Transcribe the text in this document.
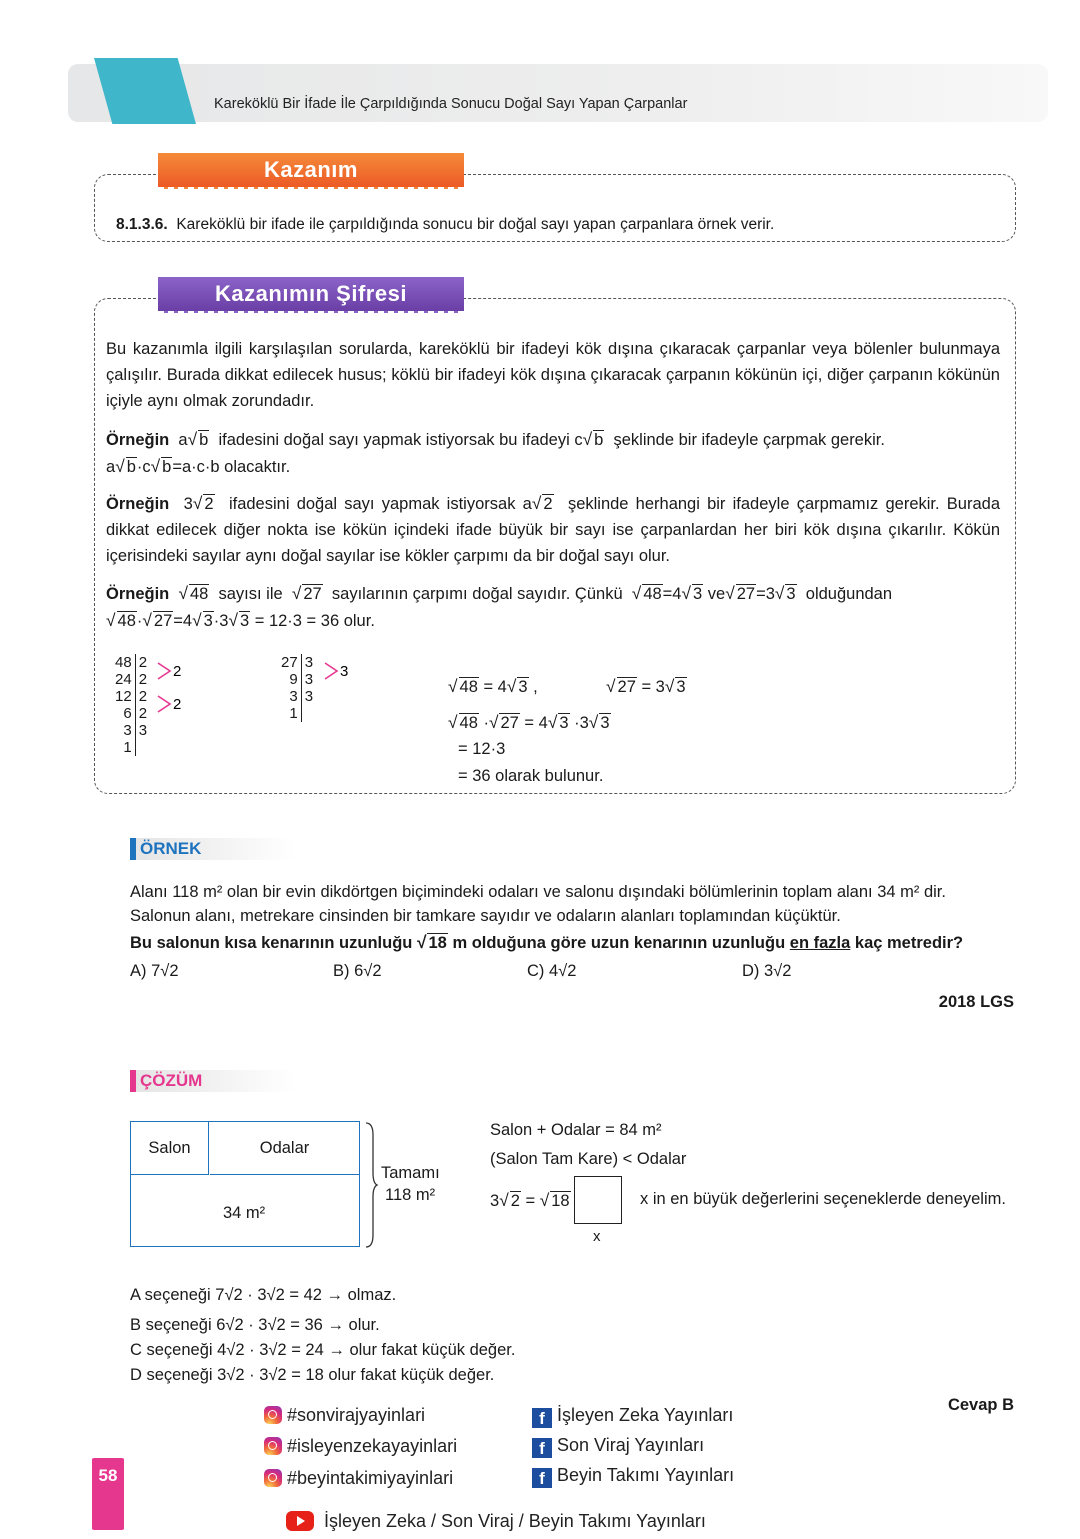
Kareköklü Bir İfade İle Çarpıldığında Sonucu Doğal Sayı Yapan Çarpanlar
Kazanım
8.1.3.6. Kareköklü bir ifade ile çarpıldığında sonucu bir doğal sayı yapan çarpanlara örnek verir.
Kazanımın Şifresi
Bu kazanımla ilgili karşılaşılan sorularda, kareköklü bir ifadeyi kök dışına çıkaracak çarpanlar veya bölenler bulunmaya çalışılır. Burada dikkat edilecek husus; köklü bir ifadeyi kök dışına çıkaracak çarpanın kökünün içi, diğer çarpanın kökünün içiyle aynı olmak zorundadır.
Örneğin  a√ b ifadesini doğal sayı yapmak istiyorsak bu ifadeyi c√ b şeklinde bir ifadeyle çarpmak gerekir.
a√ b·c√ b=a·c·b olacaktır.
Örneğin  3√ 2 ifadesini doğal sayı yapmak istiyorsak a√ 2 şeklinde herhangi bir ifadeyle çarpmamız gerekir. Burada dikkat edilecek diğer nokta ise kökün içindeki ifade büyük bir sayı ise çarpanlardan her biri kök dışına çıkarılır. Kökün içerisindeki sayılar aynı doğal sayılar ise kökler çarpımı da bir doğal sayı olur.
Örneğin √ 48 sayısı ile √ 27 sayılarının çarpımı doğal sayıdır. Çünkü √ 48=4√ 3 ve√ 27=3√ 3 olduğundan
√ 48·√ 27=4√ 3·3√ 3 = 12·3 = 36 olur.
48	2
24	2
12	2
6	2
3	3
1	
2
2
27	3
9	3
3	3
1	
3
√ 48 = 4√ 3 ,	√ 27 = 3√ 3
√ 48 ·√ 27 = 4√ 3 ·3√ 3
= 12·3
= 36 olarak bulunur.
ÖRNEK
Alanı 118 m² olan bir evin dikdörtgen biçimindeki odaları ve salonu dışındaki bölümlerinin toplam alanı 34 m² dir.
Salonun alanı, metrekare cinsinden bir tamkare sayıdır ve odaların alanları toplamından küçüktür.
Bu salonun kısa kenarının uzunluğu √ 18 m olduğuna göre uzun kenarının uzunluğu en fazla kaç metredir?
A) 7√2	B) 6√2	C) 4√2	D) 3√2
2018 LGS
ÇÖZÜM
Salon	Odalar
34 m²
Tamamı
118 m²
Salon + Odalar = 84 m²
(Salon Tam Kare) < Odalar
3√ 2 = √ 18
x
x in en büyük değerlerini seçeneklerde deneyelim.
A seçeneği 7√2 · 3√2 = 42 → olmaz.
B seçeneği 6√2 · 3√2 = 36 → olur.
C seçeneği 4√2 · 3√2 = 24 → olur fakat küçük değer.
D seçeneği 3√2 · 3√2 = 18 olur fakat küçük değer.
Cevap B
58
#sonvirajyayinlari
#isleyenzekayayinlari
#beyintakimiyayinlari
f İşleyen Zeka Yayınları
f Son Viraj Yayınları
f Beyin Takımı Yayınları
İşleyen Zeka / Son Viraj / Beyin Takımı Yayınları
